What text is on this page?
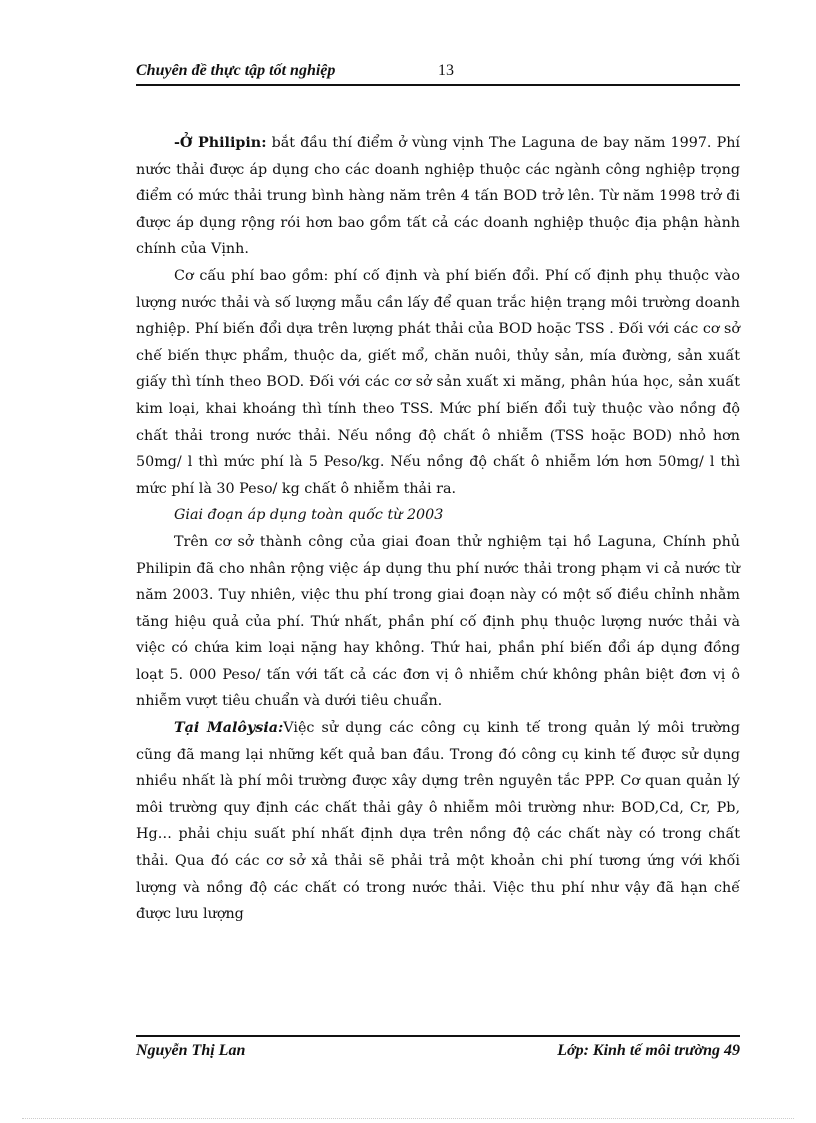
Chuyên đề thực tập tốt nghiệp	13

-Ở Philipin: bắt đầu thí điểm ở vùng vịnh The Laguna de bay năm 1997. Phí nước thải được áp dụng cho các doanh nghiệp thuộc các ngành công nghiệp trọng điểm có mức thải trung bình hàng năm trên 4 tấn BOD trở lên. Từ năm 1998 trở đi được áp dụng rộng rói hơn bao gồm tất cả các doanh nghiệp thuộc địa phận hành chính của Vịnh.

Cơ cấu phí bao gồm: phí cố định và phí biến đổi. Phí cố định phụ thuộc vào lượng nước thải và số lượng mẫu cần lấy để quan trắc hiện trạng môi trường doanh nghiệp. Phí biến đổi dựa trên lượng phát thải của BOD hoặc TSS . Đối với các cơ sở chế biến thực phẩm, thuộc da, giết mổ, chăn nuôi, thủy sản, mía đường, sản xuất giấy thì tính theo BOD. Đối với các cơ sở sản xuất xi măng, phân húa học, sản xuất kim loại, khai khoáng thì tính theo TSS. Mức phí biến đổi tuỳ thuộc vào nồng độ chất thải trong nước thải. Nếu nồng độ chất ô nhiễm (TSS hoặc BOD) nhỏ hơn 50mg/ l thì mức phí là 5 Peso/kg. Nếu nồng độ chất ô nhiễm lớn hơn 50mg/ l thì mức phí là 30 Peso/ kg chất ô nhiễm thải ra.

Giai đoạn áp dụng toàn quốc từ 2003

Trên cơ sở thành công của giai đoan thử nghiệm tại hồ Laguna, Chính phủ Philipin đã cho nhân rộng việc áp dụng thu phí nước thải trong phạm vi cả nước từ năm 2003. Tuy nhiên, việc thu phí trong giai đoạn này có một số điều chỉnh nhằm tăng hiệu quả của phí. Thứ nhất, phần phí cố định phụ thuộc lượng nước thải và việc có chứa kim loại nặng hay không. Thứ hai, phần phí biến đổi áp dụng đồng loạt 5. 000 Peso/ tấn với tất cả các đơn vị ô nhiễm chứ không phân biệt đơn vị ô nhiễm vượt tiêu chuẩn và dưới tiêu chuẩn.

Tại Malôysia:Việc sử dụng các công cụ kinh tế trong quản lý môi trường cũng đã mang lại những kết quả ban đầu. Trong đó công cụ kinh tế được sử dụng nhiều nhất là phí môi trường được xây dựng trên nguyên tắc PPP. Cơ quan quản lý môi trường quy định các chất thải gây ô nhiễm môi trường như: BOD,Cd, Cr, Pb, Hg… phải chịu suất phí nhất định dựa trên nồng độ các chất này có trong chất thải. Qua đó các cơ sở xả thải sẽ phải trả một khoản chi phí tương ứng với khối lượng và nồng độ các chất có trong nước thải. Việc thu phí như vậy đã hạn chế được lưu lượng

Nguyễn Thị Lan	Lớp: Kinh tế môi trường 49
